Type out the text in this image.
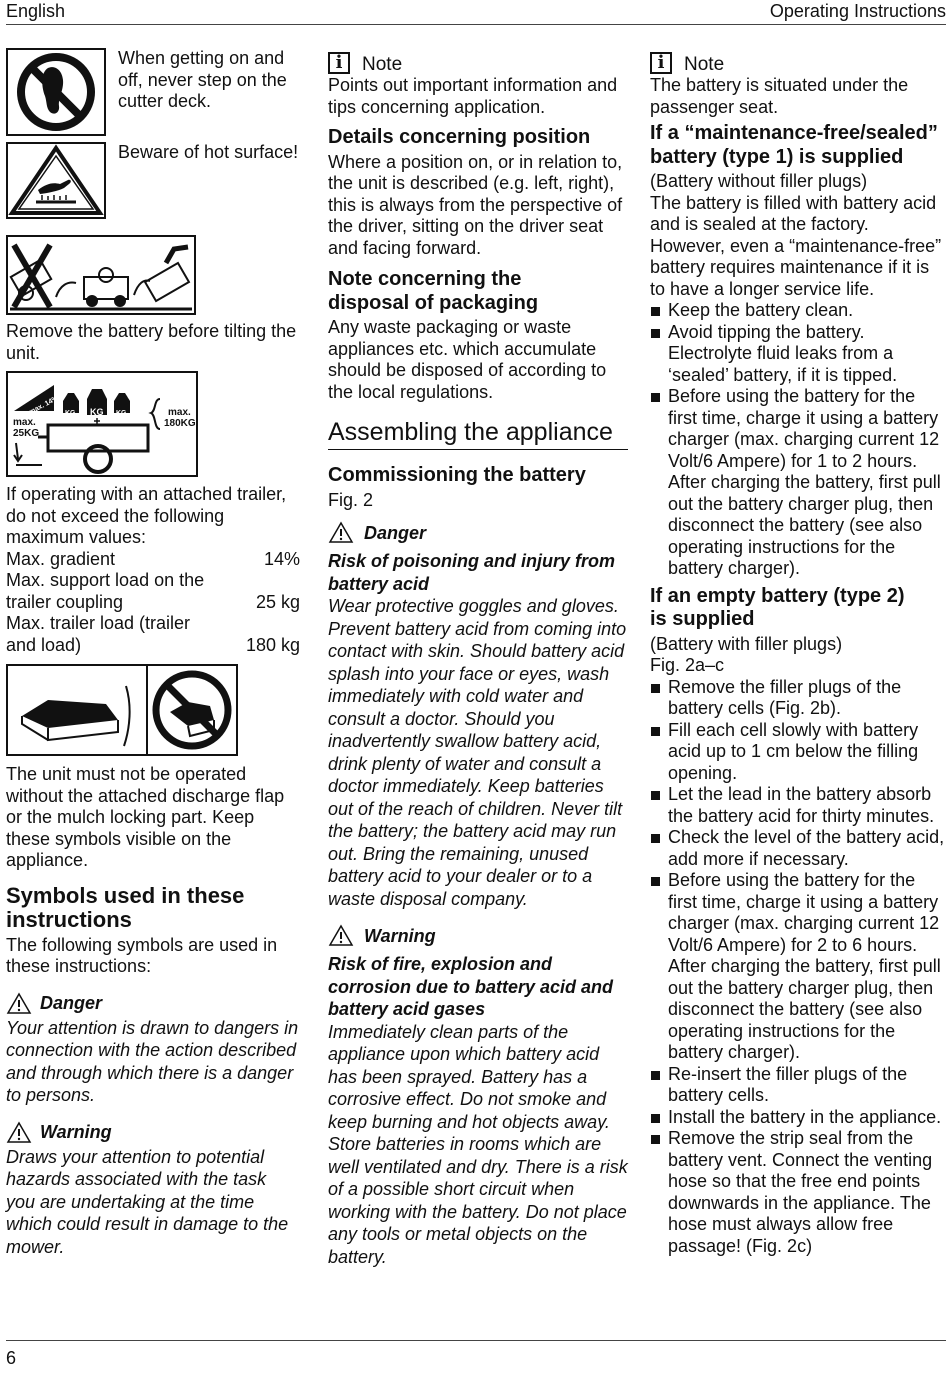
English	Operating Instructions

When getting on and off, never step on the cutter deck.

Beware of hot surface!

Remove the battery before tilting the unit.

max. 14%
max.
25KG
KG KG KG	max.
180KG

If operating with an attached trailer, do not exceed the following maximum values:

Max. gradient	14%
Max. support load on the trailer coupling	25 kg
Max. trailer load (trailer and load)	180 kg

The unit must not be operated without the attached discharge flap or the mulch locking part. Keep these symbols visible on the appliance.

Symbols used in these instructions

The following symbols are used in these instructions:

Danger

Your attention is drawn to dangers in connection with the action described and through which there is a danger to persons.

Warning

Draws your attention to potential hazards associated with the task you are undertaking at the time which could result in damage to the mower.

i	Note

Points out important information and tips concerning application.

Details concerning position

Where a position on, or in relation to, the unit is described (e.g. left, right), this is always from the perspective of the driver, sitting on the driver seat and facing forward.

Note concerning the disposal of packaging

Any waste packaging or waste appliances etc. which accumulate should be disposed of according to the local regulations.

Assembling the appliance
Commissioning the battery

Fig. 2

Danger

Risk of poisoning and injury from battery acid

Wear protective goggles and gloves. Prevent battery acid from coming into contact with skin. Should battery acid splash into your face or eyes, wash immediately with cold water and consult a doctor. Should you inadvertently swallow battery acid, drink plenty of water and consult a doctor immediately. Keep batteries out of the reach of children. Never tilt the battery; the battery acid may run out. Bring the remaining, unused battery acid to your dealer or to a waste disposal company.

Warning

Risk of fire, explosion and corrosion due to battery acid and battery acid gases

Immediately clean parts of the appliance upon which battery acid has been sprayed. Battery has a corrosive effect. Do not smoke and keep burning and hot objects away. Store batteries in rooms which are well ventilated and dry. There is a risk of a possible short circuit when working with the battery. Do not place any tools or metal objects on the battery.

i	Note

The battery is situated under the passenger seat.

If a “maintenance-free/sealed” battery (type 1) is supplied

(Battery without filler plugs)

The battery is filled with battery acid and is sealed at the factory. However, even a “maintenance-free” battery requires maintenance if it is to have a longer service life.

Keep the battery clean.
Avoid tipping the battery. Electrolyte fluid leaks from a ‘sealed’ battery, if it is tipped.
Before using the battery for the first time, charge it using a battery charger (max. charging current 12 Volt/6 Ampere) for 1 to 2 hours. After charging the battery, first pull out the battery charger plug, then disconnect the battery (see also operating instructions for the battery charger).
If an empty battery (type 2) is supplied

(Battery with filler plugs)

Fig. 2a–c

Remove the filler plugs of the battery cells (Fig. 2b).
Fill each cell slowly with battery acid up to 1 cm below the filling opening.
Let the lead in the battery absorb the battery acid for thirty minutes.
Check the level of the battery acid, add more if necessary.
Before using the battery for the first time, charge it using a battery charger (max. charging current 12 Volt/6 Ampere) for 2 to 6 hours. After charging the battery, first pull out the battery charger plug, then disconnect the battery (see also operating instructions for the battery charger).
Re-insert the filler plugs of the battery cells.
Install the battery in the appliance.
Remove the strip seal from the battery vent. Connect the venting hose so that the free end points downwards in the appliance. The hose must always allow free passage! (Fig. 2c)
6
